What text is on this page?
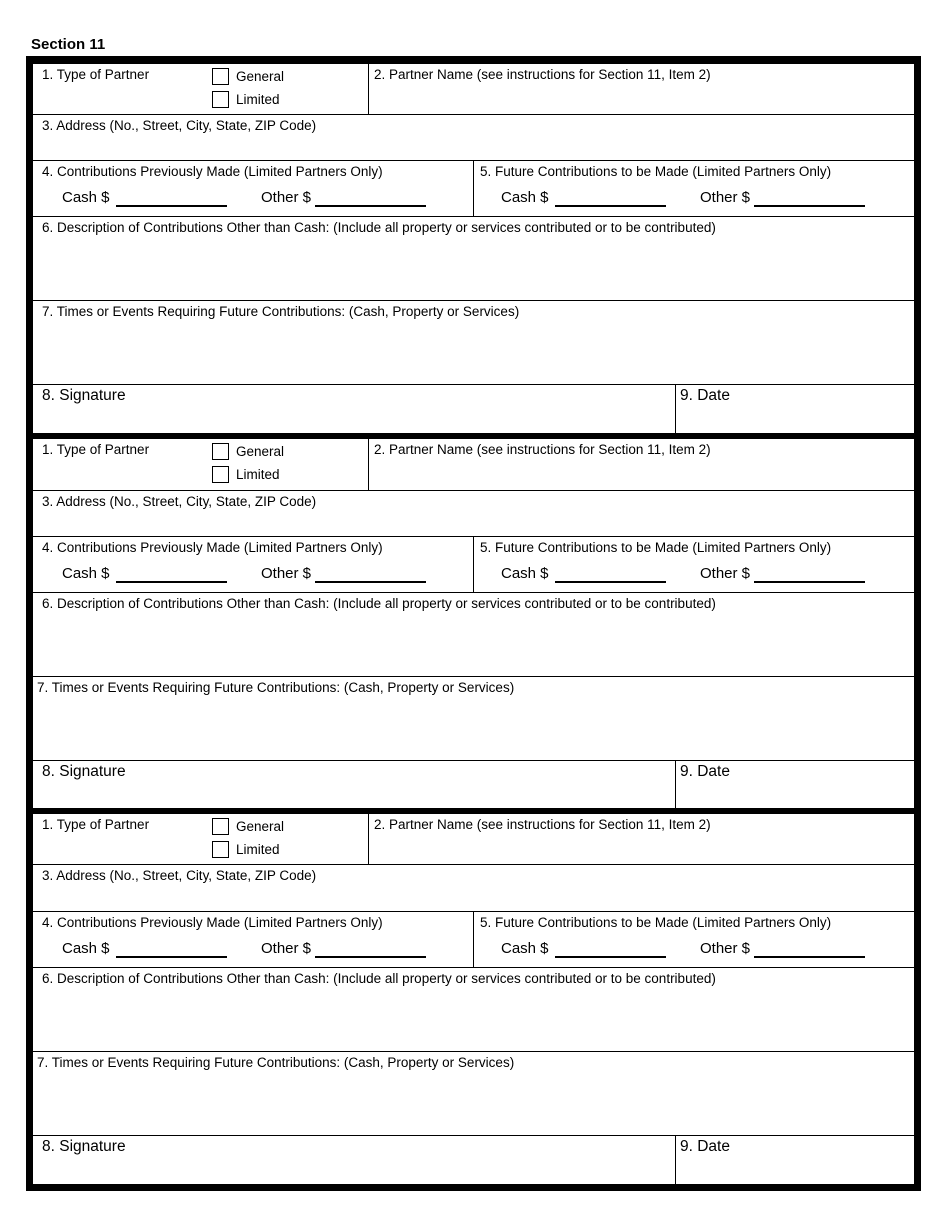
Section 11
1. Type of Partner	General
Limited
2. Partner Name (see instructions for Section 11, Item 2)
3. Address (No., Street, City, State, ZIP Code)
4. Contributions Previously Made (Limited Partners Only)
Cash $	Other $
5. Future Contributions to be Made (Limited Partners Only)
Cash $	Other $
6. Description of Contributions Other than Cash: (Include all property or services contributed or to be contributed)
7. Times or Events Requiring Future Contributions: (Cash, Property or Services)
8. Signature	9. Date
1. Type of Partner	General
Limited
2. Partner Name (see instructions for Section 11, Item 2)
3. Address (No., Street, City, State, ZIP Code)
4. Contributions Previously Made (Limited Partners Only)
Cash $	Other $
5. Future Contributions to be Made (Limited Partners Only)
Cash $	Other $
6. Description of Contributions Other than Cash: (Include all property or services contributed or to be contributed)
7. Times or Events Requiring Future Contributions: (Cash, Property or Services)
8. Signature	9. Date
1. Type of Partner	General
Limited
2. Partner Name (see instructions for Section 11, Item 2)
3. Address (No., Street, City, State, ZIP Code)
4. Contributions Previously Made (Limited Partners Only)
Cash $	Other $
5. Future Contributions to be Made (Limited Partners Only)
Cash $	Other $
6. Description of Contributions Other than Cash: (Include all property or services contributed or to be contributed)
7. Times or Events Requiring Future Contributions: (Cash, Property or Services)
8. Signature	9. Date
